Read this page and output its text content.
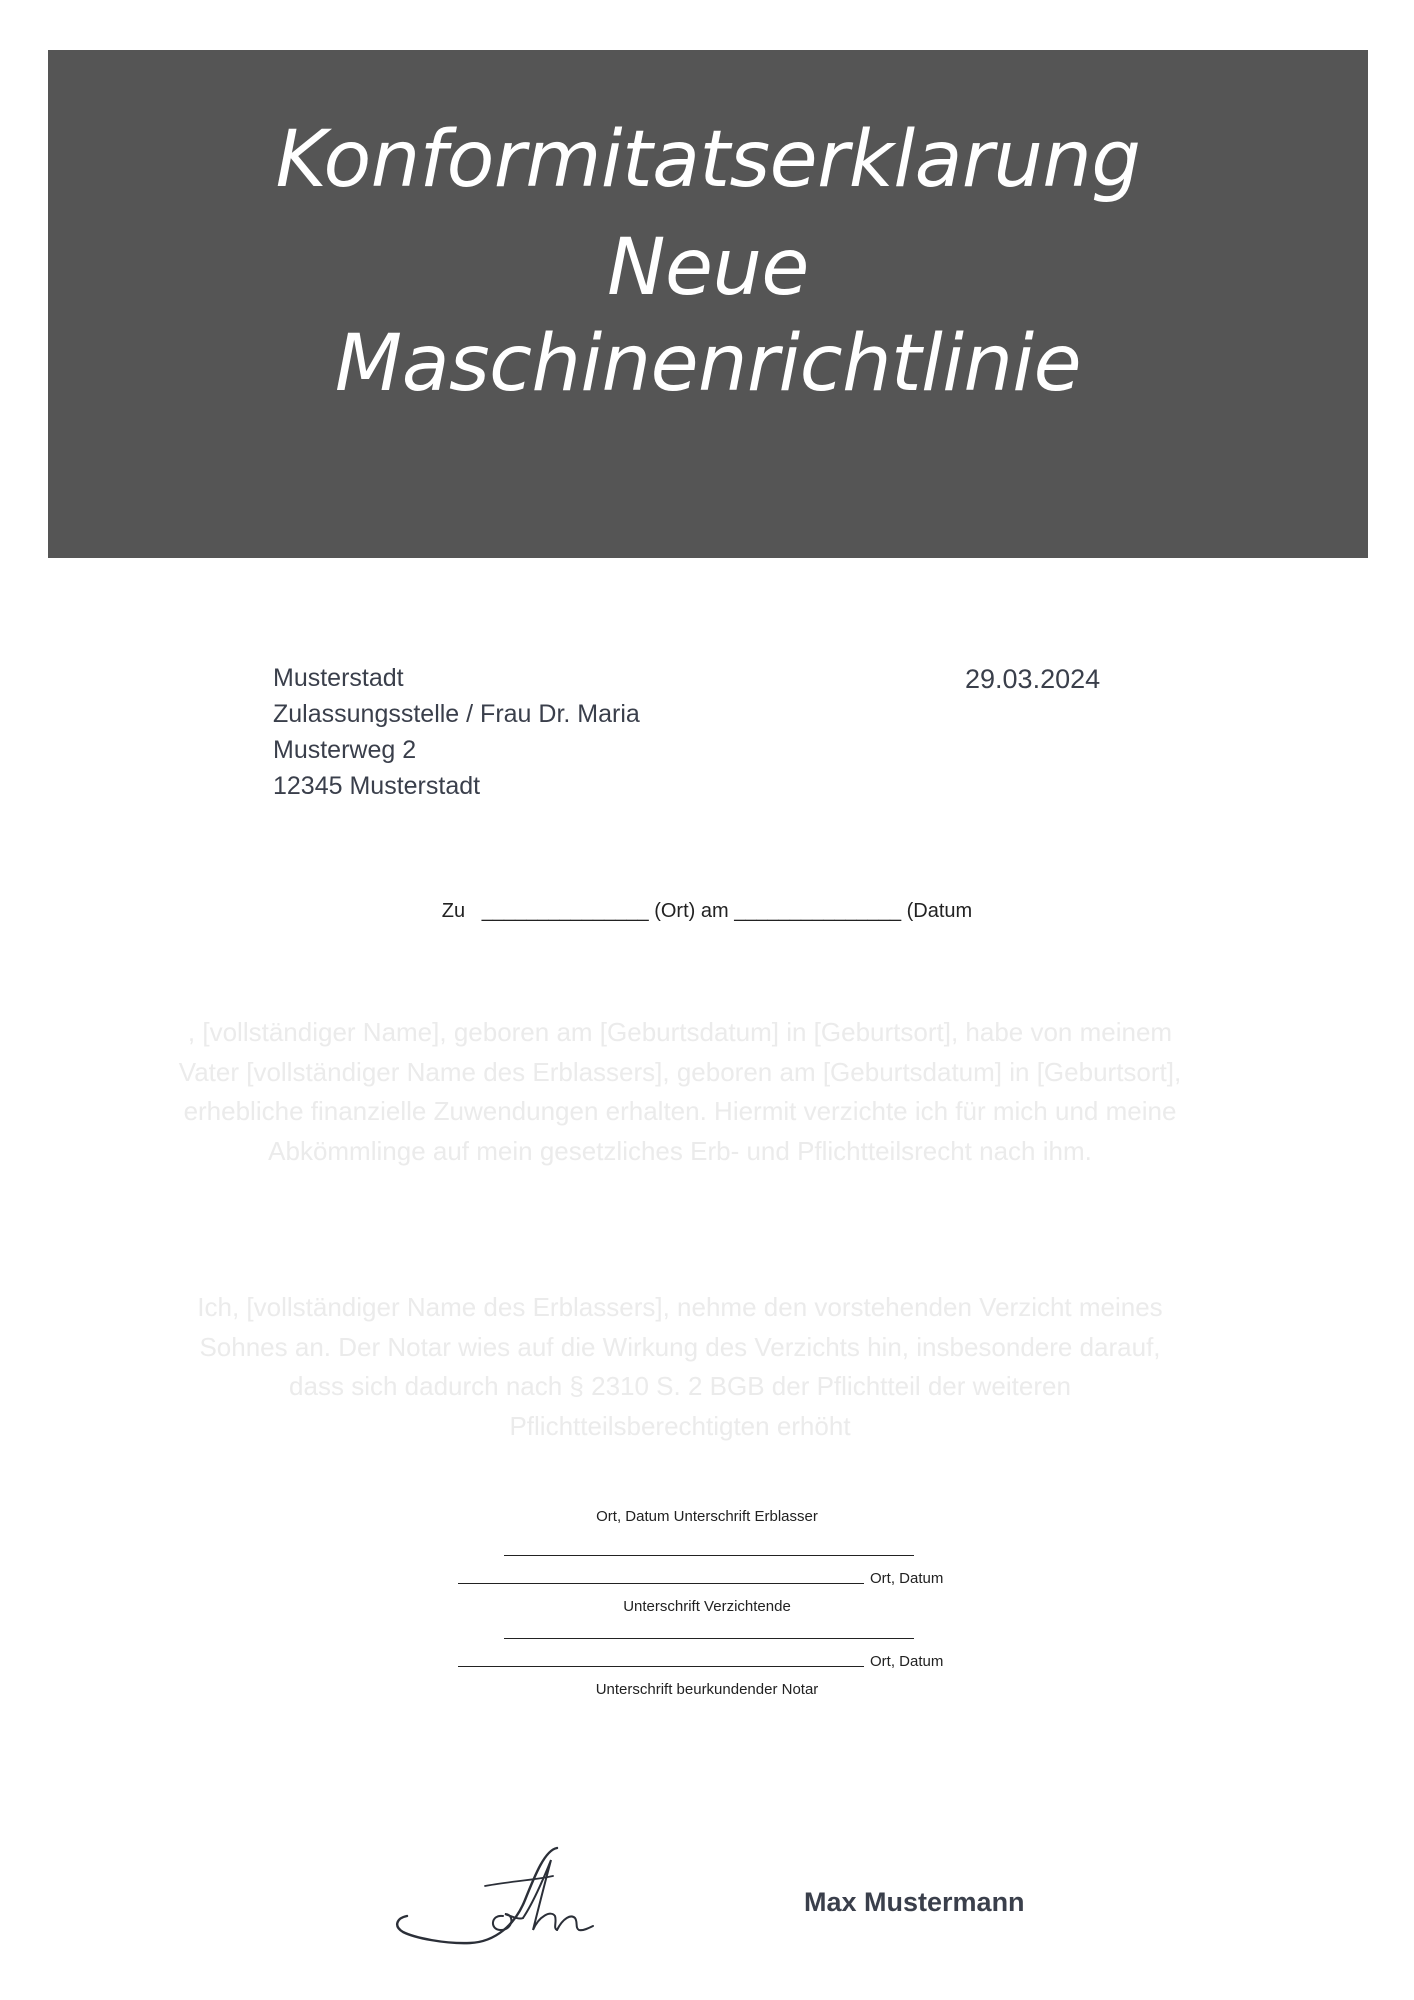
Konformitatserklarung
Neue
Maschinenrichtlinie
Musterstadt
Zulassungsstelle / Frau Dr. Maria
Musterweg 2
12345 Musterstadt
29.03.2024
Zu _______________ (Ort) am _______________ (Datum
, [vollständiger Name], geboren am [Geburtsdatum] in [Geburtsort], habe von meinem Vater [vollständiger Name des Erblassers], geboren am [Geburtsdatum] in [Geburtsort], erhebliche finanzielle Zuwendungen erhalten. Hiermit verzichte ich für mich und meine Abkömmlinge auf mein gesetzliches Erb- und Pflichtteilsrecht nach ihm.
Ich, [vollständiger Name des Erblassers], nehme den vorstehenden Verzicht meines Sohnes an. Der Notar wies auf die Wirkung des Verzichts hin, insbesondere darauf, dass sich dadurch nach § 2310 S. 2 BGB der Pflichtteil der weiteren Pflichtteilsberechtigten erhöht
Ort, Datum Unterschrift Erblasser
Ort, Datum
Unterschrift Verzichtende
Ort, Datum
Unterschrift beurkundender Notar
Max Mustermann
